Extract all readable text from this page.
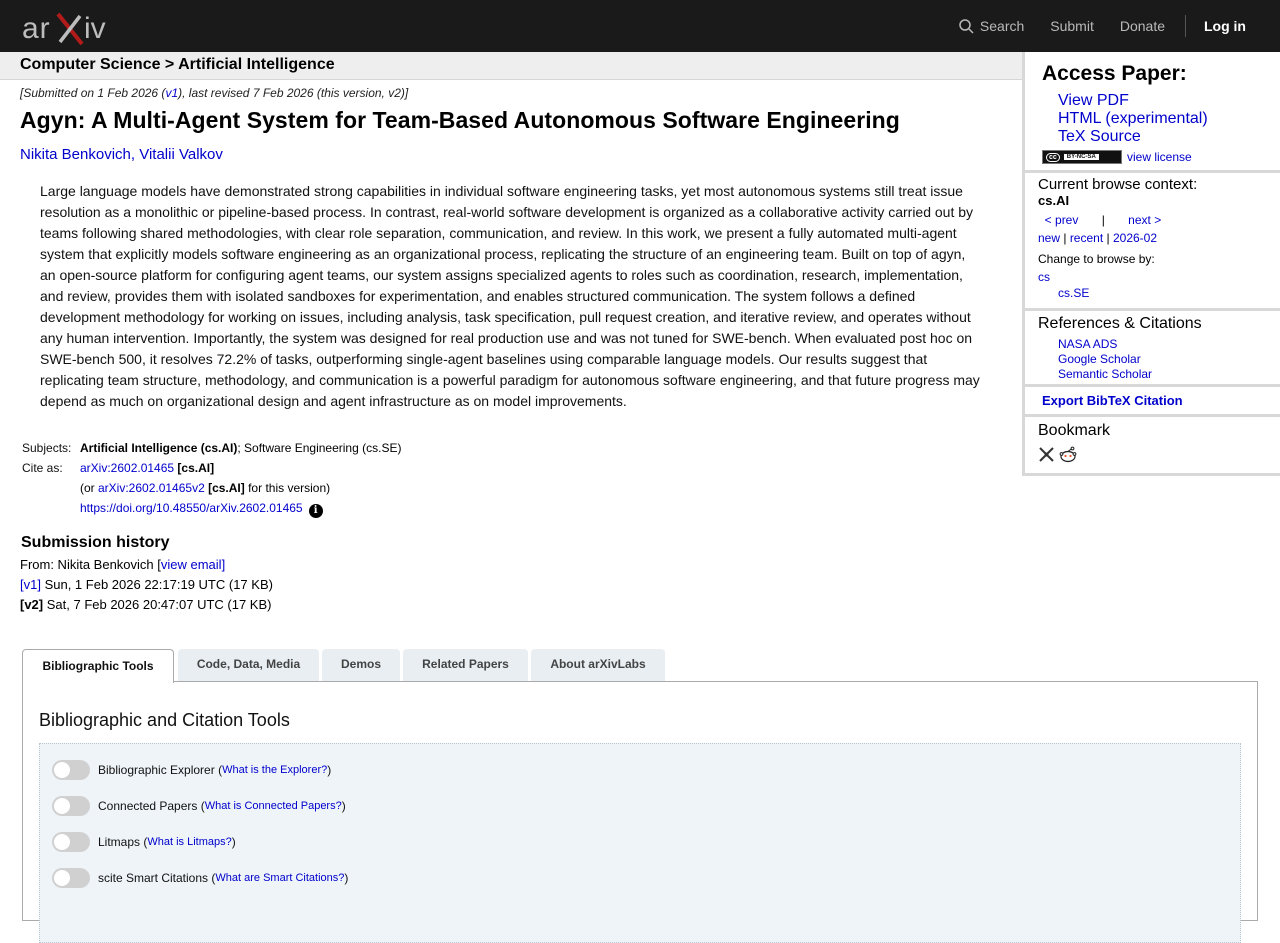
ar iv	Search Submit Donate	Log in
Computer Science > Artificial Intelligence
[Submitted on 1 Feb 2026 (v1), last revised 7 Feb 2026 (this version, v2)]
Agyn: A Multi-Agent System for Team-Based Autonomous Software Engineering
Nikita Benkovich, Vitalii Valkov
Large language models have demonstrated strong capabilities in individual software engineering tasks, yet most autonomous systems still treat issue resolution as a monolithic or pipeline-based process. In contrast, real-world software development is organized as a collaborative activity carried out by teams following shared methodologies, with clear role separation, communication, and review. In this work, we present a fully automated multi-agent system that explicitly models software engineering as an organizational process, replicating the structure of an engineering team. Built on top of agyn, an open-source platform for configuring agent teams, our system assigns specialized agents to roles such as coordination, research, implementation, and review, provides them with isolated sandboxes for experimentation, and enables structured communication. The system follows a defined development methodology for working on issues, including analysis, task specification, pull request creation, and iterative review, and operates without any human intervention. Importantly, the system was designed for real production use and was not tuned for SWE-bench. When evaluated post hoc on SWE-bench 500, it resolves 72.2% of tasks, outperforming single-agent baselines using comparable language models. Our results suggest that replicating team structure, methodology, and communication is a powerful paradigm for autonomous software engineering, and that future progress may depend as much on organizational design and agent infrastructure as on model improvements.
Subjects:	Artificial Intelligence (cs.AI); Software Engineering (cs.SE)
Cite as:	arXiv:2602.01465 [cs.AI]
	(or arXiv:2602.01465v2 [cs.AI] for this version)
	https://doi.org/10.48550/arXiv.2602.01465 i
Submission history
From: Nikita Benkovich [view email]
[v1] Sun, 1 Feb 2026 22:17:19 UTC (17 KB)
[v2] Sat, 7 Feb 2026 20:47:07 UTC (17 KB)
Bibliographic Tools	Code, Data, Media	Demos	Related Papers	About arXivLabs
Bibliographic and Citation Tools
Bibliographic Explorer ( What is the Explorer? )
Connected Papers ( What is Connected Papers? )
Litmaps ( What is Litmaps? )
scite Smart Citations ( What are Smart Citations? )
Access Paper:
View PDF
HTML (experimental)
TeX Source
cc	BY-NC-SA	view license
Current browse context:
cs.AI
< prev | next >
new | recent | 2026-02
Change to browse by:
cs
cs.SE
References & Citations
NASA ADS
Google Scholar
Semantic Scholar
Export BibTeX Citation
Bookmark
